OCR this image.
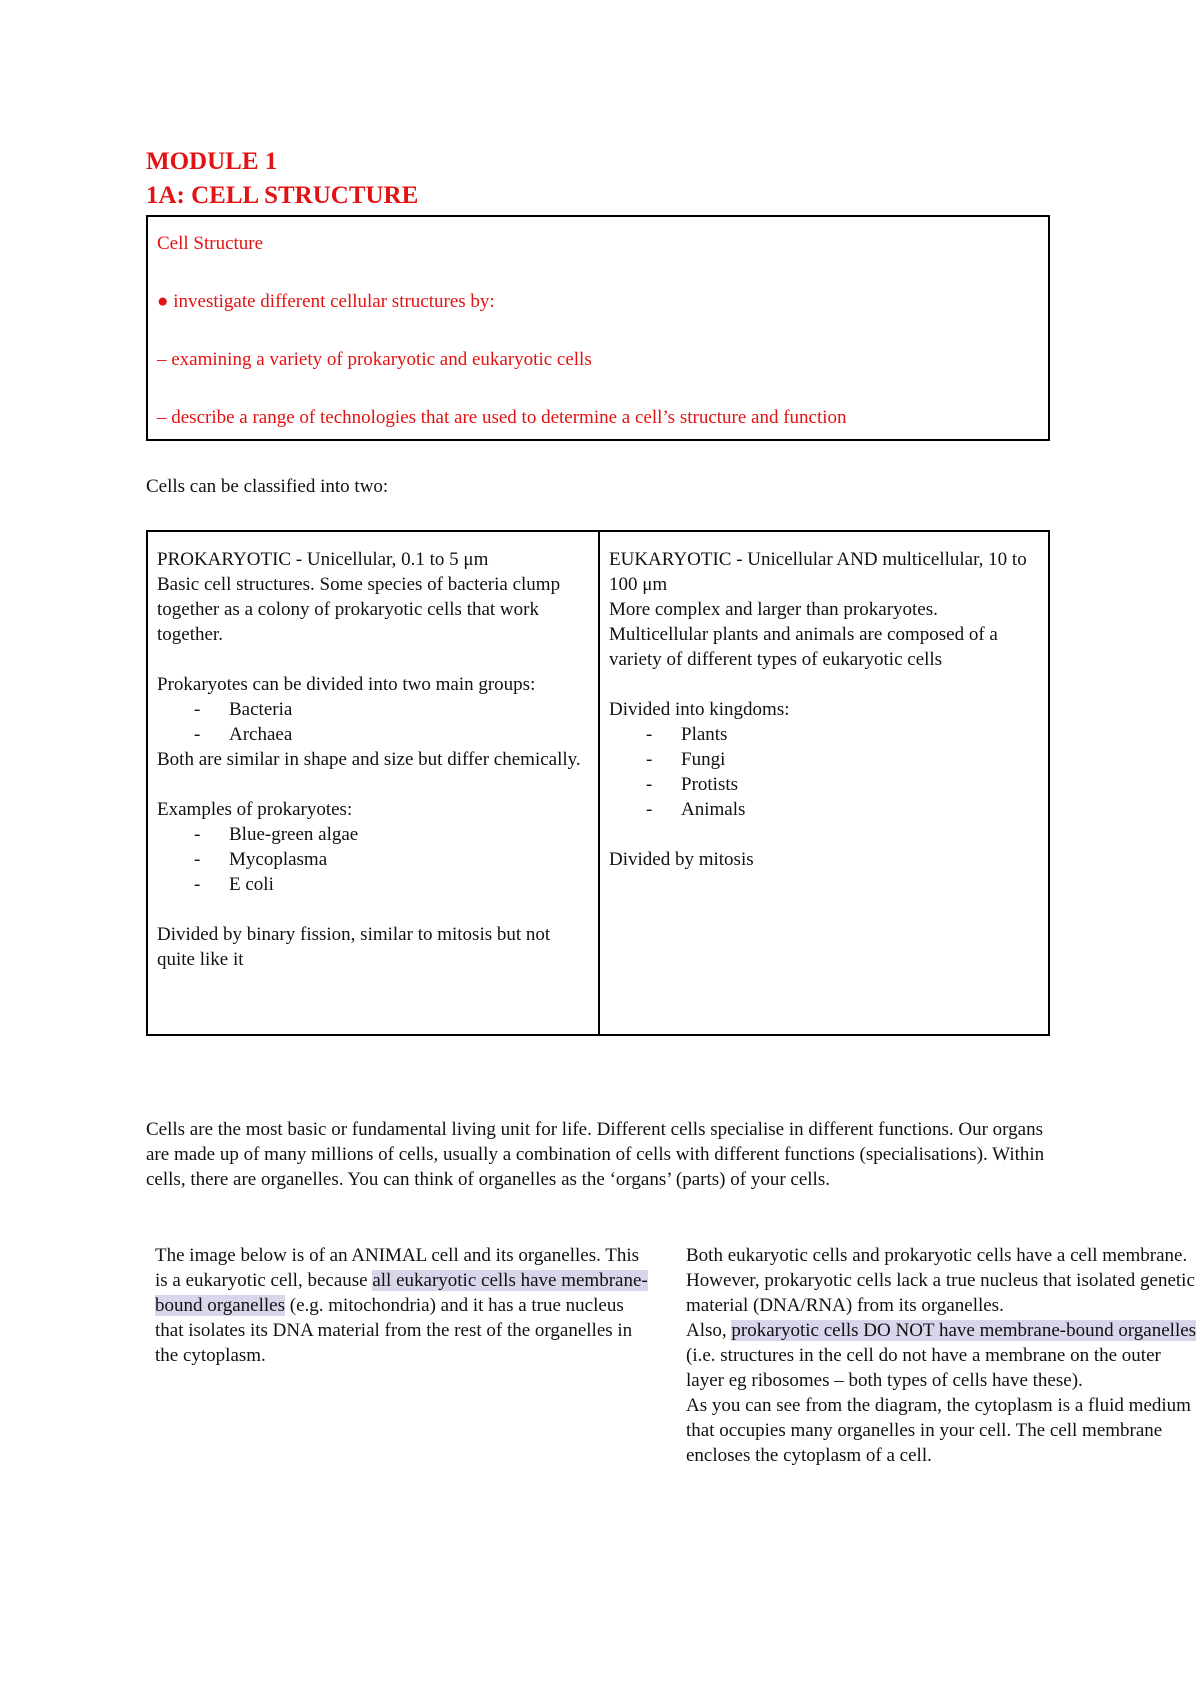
MODULE 1
1A: CELL STRUCTURE

Cell Structure

● investigate different cellular structures by:

– examining a variety of prokaryotic and eukaryotic cells

– describe a range of technologies that are used to determine a cell’s structure and function

Cells can be classified into two:

PROKARYOTIC - Unicellular, 0.1 to 5 μm

Basic cell structures. Some species of bacteria clump together as a colony of prokaryotic cells that work together.

Prokaryotes can be divided into two main groups:

- Bacteria
- Archaea

Both are similar in shape and size but differ chemically.

Examples of prokaryotes:

- Blue-green algae
- Mycoplasma
- E coli

Divided by binary fission, similar to mitosis but not quite like it

EUKARYOTIC - Unicellular AND multicellular, 10 to 100 μm

More complex and larger than prokaryotes. Multicellular plants and animals are composed of a variety of different types of eukaryotic cells

Divided into kingdoms:

- Plants
- Fungi
- Protists
- Animals

Divided by mitosis

Cells are the most basic or fundamental living unit for life. Different cells specialise in different functions. Our organs are made up of many millions of cells, usually a combination of cells with different functions (specialisations). Within cells, there are organelles. You can think of organelles as the ‘organs’ (parts) of your cells.

The image below is of an ANIMAL cell and its organelles. This is a eukaryotic cell, because all eukaryotic cells have membrane-bound organelles (e.g. mitochondria) and it has a true nucleus that isolates its DNA material from the rest of the organelles in the cytoplasm.

Both eukaryotic cells and prokaryotic cells have a cell membrane. However, prokaryotic cells lack a true nucleus that isolated genetic material (DNA/RNA) from its organelles.
Also, prokaryotic cells DO NOT have membrane-bound organelles (i.e. structures in the cell do not have a membrane on the outer layer eg ribosomes – both types of cells have these).
As you can see from the diagram, the cytoplasm is a fluid medium that occupies many organelles in your cell. The cell membrane encloses the cytoplasm of a cell.
